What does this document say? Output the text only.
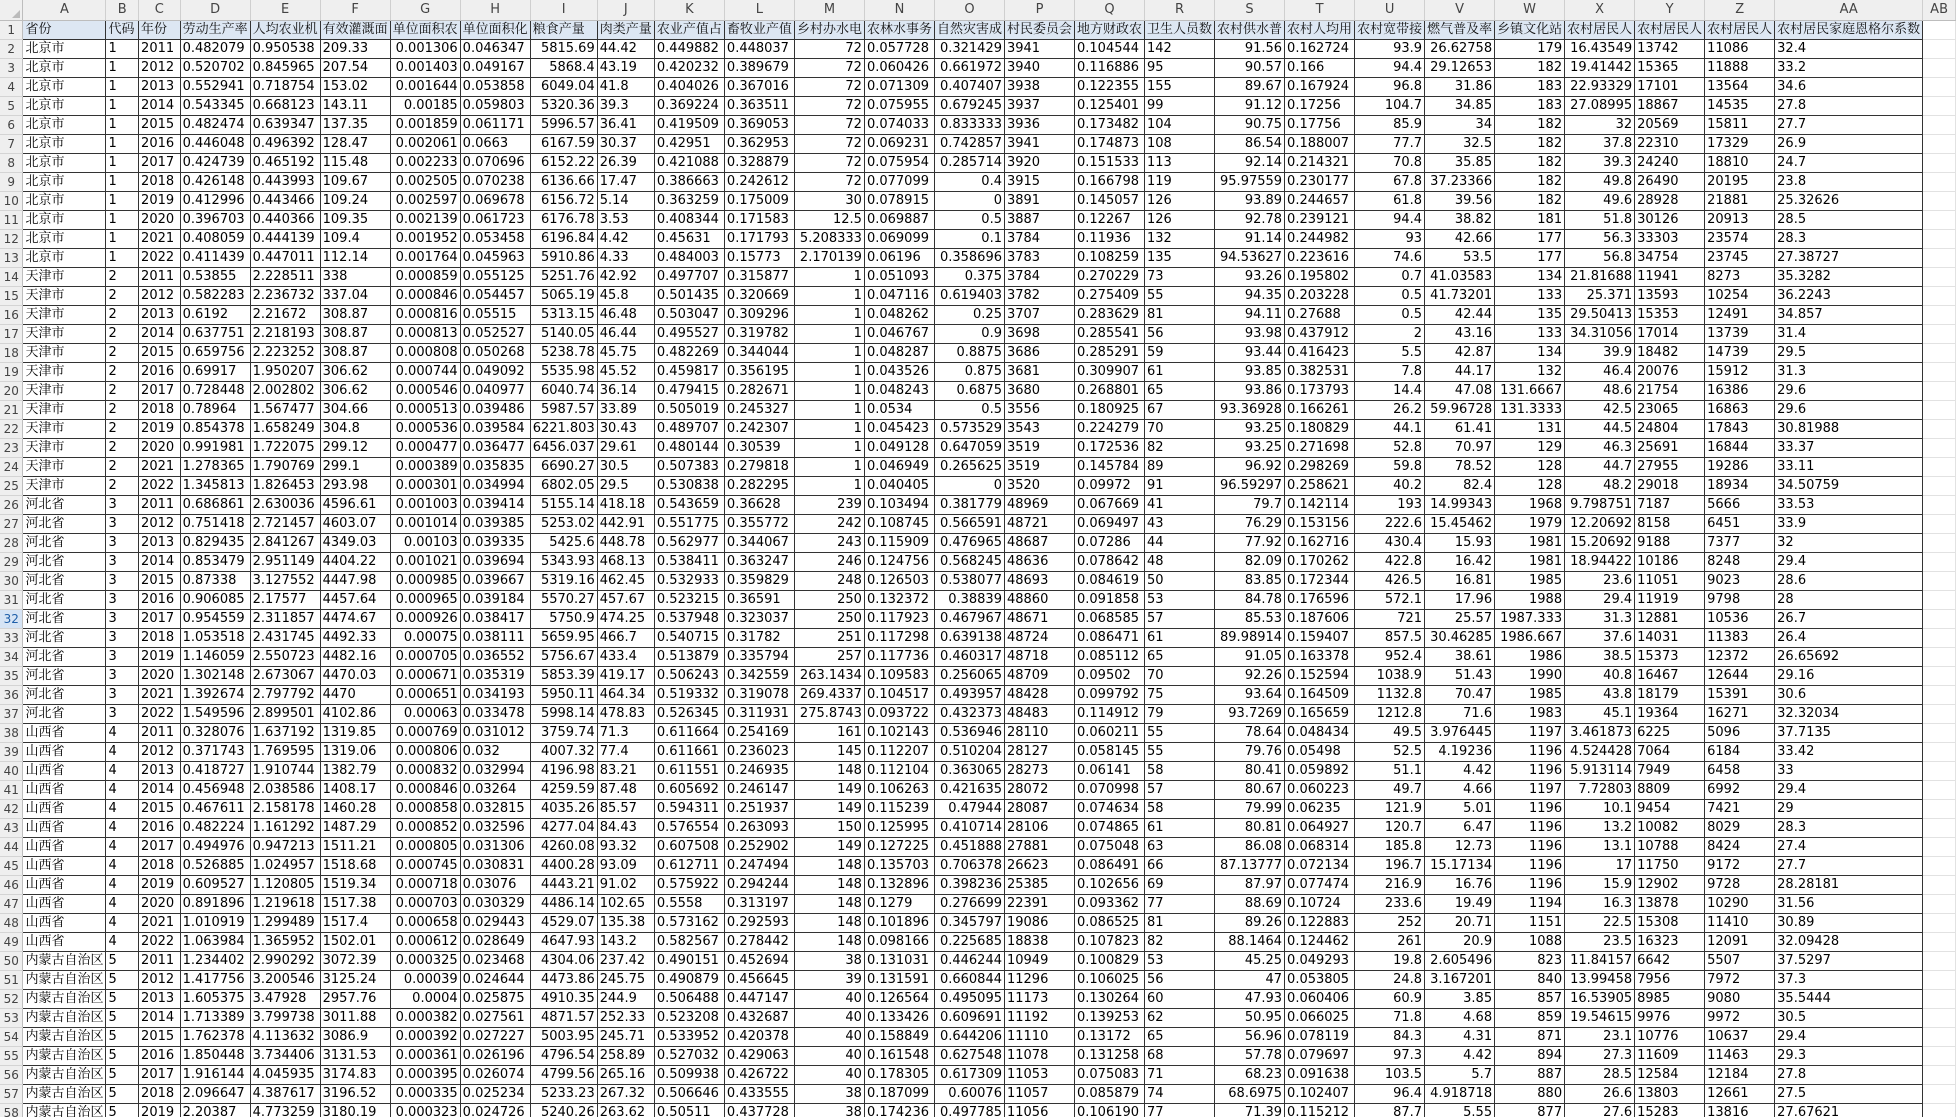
	A	B	C	D	E	F	G	H	I	J	K	L	M	N	O	P	Q	R	S	T	U	V	W	X	Y	Z	AA	AB
1	省份	代码	年份	劳动生产率	人均农业机	有效灌溉面	单位面积农	单位面积化	粮食产量	肉类产量	农业产值占	畜牧业产值	乡村办水电	农林水事务	自然灾害成	村民委员会	地方财政农	卫生人员数	农村供水普	农村人均用	农村宽带接	燃气普及率	乡镇文化站	农村居民人	农村居民人	农村居民人	农村居民家庭恩格尔系数	
2	北京市	1	2011	0.482079	0.950538	209.33	0.001306	0.046347	5815.69	44.42	0.449882	0.448037	72	0.057728	0.321429	3941	0.104544	142	91.56	0.162724	93.9	26.62758	179	16.43549	13742	11086	32.4	
3	北京市	1	2012	0.520702	0.845965	207.54	0.001403	0.049167	5868.4	43.19	0.420232	0.389679	72	0.060426	0.661972	3940	0.116886	95	90.57	0.166	94.4	29.12653	182	19.41442	15365	11888	33.2	
4	北京市	1	2013	0.552941	0.718754	153.02	0.001644	0.053858	6049.04	41.8	0.404026	0.367016	72	0.071309	0.407407	3938	0.122355	155	89.67	0.167924	96.8	31.86	183	22.93329	17101	13564	34.6	
5	北京市	1	2014	0.543345	0.668123	143.11	0.00185	0.059803	5320.36	39.3	0.369224	0.363511	72	0.075955	0.679245	3937	0.125401	99	91.12	0.17256	104.7	34.85	183	27.08995	18867	14535	27.8	
6	北京市	1	2015	0.482474	0.639347	137.35	0.001859	0.061171	5996.57	36.41	0.419509	0.369053	72	0.074033	0.833333	3936	0.173482	104	90.75	0.17756	85.9	34	182	32	20569	15811	27.7	
7	北京市	1	2016	0.446048	0.496392	128.47	0.002061	0.0663	6167.59	30.37	0.42951	0.362953	72	0.069231	0.742857	3941	0.174873	108	86.54	0.188007	77.7	32.5	182	37.8	22310	17329	26.9	
8	北京市	1	2017	0.424739	0.465192	115.48	0.002233	0.070696	6152.22	26.39	0.421088	0.328879	72	0.075954	0.285714	3920	0.151533	113	92.14	0.214321	70.8	35.85	182	39.3	24240	18810	24.7	
9	北京市	1	2018	0.426148	0.443993	109.67	0.002505	0.070238	6136.66	17.47	0.386663	0.242612	72	0.077099	0.4	3915	0.166798	119	95.97559	0.230177	67.8	37.23366	182	49.8	26490	20195	23.8	
10	北京市	1	2019	0.412996	0.443466	109.24	0.002597	0.069678	6156.72	5.14	0.363259	0.175009	30	0.078915	0	3891	0.145057	126	93.89	0.244657	61.8	39.56	182	49.6	28928	21881	25.32626	
11	北京市	1	2020	0.396703	0.440366	109.35	0.002139	0.061723	6176.78	3.53	0.408344	0.171583	12.5	0.069887	0.5	3887	0.12267	126	92.78	0.239121	94.4	38.82	181	51.8	30126	20913	28.5	
12	北京市	1	2021	0.408059	0.444139	109.4	0.001952	0.053458	6196.84	4.42	0.45631	0.171793	5.208333	0.069099	0.1	3784	0.11936	132	91.14	0.244982	93	42.66	177	56.3	33303	23574	28.3	
13	北京市	1	2022	0.411439	0.447011	112.14	0.001764	0.045963	5910.86	4.33	0.484003	0.15773	2.170139	0.06196	0.358696	3783	0.108259	135	94.53627	0.223616	74.6	53.5	177	56.8	34754	23745	27.38727	
14	天津市	2	2011	0.53855	2.228511	338	0.000859	0.055125	5251.76	42.92	0.497707	0.315877	1	0.051093	0.375	3784	0.270229	73	93.26	0.195802	0.7	41.03583	134	21.81688	11941	8273	35.3282	
15	天津市	2	2012	0.582283	2.236732	337.04	0.000846	0.054457	5065.19	45.8	0.501435	0.320669	1	0.047116	0.619403	3782	0.275409	55	94.35	0.203228	0.5	41.73201	133	25.371	13593	10254	36.2243	
16	天津市	2	2013	0.6192	2.21672	308.87	0.000816	0.05515	5313.15	46.48	0.503047	0.309296	1	0.048262	0.25	3707	0.283629	81	94.11	0.27688	0.5	42.44	135	29.50413	15353	12491	34.857	
17	天津市	2	2014	0.637751	2.218193	308.87	0.000813	0.052527	5140.05	46.44	0.495527	0.319782	1	0.046767	0.9	3698	0.285541	56	93.98	0.437912	2	43.16	133	34.31056	17014	13739	31.4	
18	天津市	2	2015	0.659756	2.223252	308.87	0.000808	0.050268	5238.78	45.75	0.482269	0.344044	1	0.048287	0.8875	3686	0.285291	59	93.44	0.416423	5.5	42.87	134	39.9	18482	14739	29.5	
19	天津市	2	2016	0.69917	1.950207	306.62	0.000744	0.049092	5535.98	45.52	0.459817	0.356195	1	0.043526	0.875	3681	0.309907	61	93.85	0.382531	7.8	44.17	132	46.4	20076	15912	31.3	
20	天津市	2	2017	0.728448	2.002802	306.62	0.000546	0.040977	6040.74	36.14	0.479415	0.282671	1	0.048243	0.6875	3680	0.268801	65	93.86	0.173793	14.4	47.08	131.6667	48.6	21754	16386	29.6	
21	天津市	2	2018	0.78964	1.567477	304.66	0.000513	0.039486	5987.57	33.89	0.505019	0.245327	1	0.0534	0.5	3556	0.180925	67	93.36928	0.166261	26.2	59.96728	131.3333	42.5	23065	16863	29.6	
22	天津市	2	2019	0.854378	1.658249	304.8	0.000536	0.039584	6221.803	30.43	0.489707	0.242307	1	0.045423	0.573529	3543	0.224279	70	93.25	0.180829	44.1	61.41	131	44.5	24804	17843	30.81988	
23	天津市	2	2020	0.991981	1.722075	299.12	0.000477	0.036477	6456.037	29.61	0.480144	0.30539	1	0.049128	0.647059	3519	0.172536	82	93.25	0.271698	52.8	70.97	129	46.3	25691	16844	33.37	
24	天津市	2	2021	1.278365	1.790769	299.1	0.000389	0.035835	6690.27	30.5	0.507383	0.279818	1	0.046949	0.265625	3519	0.145784	89	96.92	0.298269	59.8	78.52	128	44.7	27955	19286	33.11	
25	天津市	2	2022	1.345813	1.826453	293.98	0.000301	0.034994	6802.05	29.5	0.530838	0.282295	1	0.040405	0	3520	0.09972	91	96.59297	0.258621	40.2	82.4	128	48.2	29018	18934	34.50759	
26	河北省	3	2011	0.686861	2.630036	4596.61	0.001003	0.039414	5155.14	418.18	0.543659	0.36628	239	0.103494	0.381779	48969	0.067669	41	79.7	0.142114	193	14.99343	1968	9.798751	7187	5666	33.53	
27	河北省	3	2012	0.751418	2.721457	4603.07	0.001014	0.039385	5253.02	442.91	0.551775	0.355772	242	0.108745	0.566591	48721	0.069497	43	76.29	0.153156	222.6	15.45462	1979	12.20692	8158	6451	33.9	
28	河北省	3	2013	0.829435	2.841267	4349.03	0.00103	0.039335	5425.6	448.78	0.562977	0.344067	243	0.115909	0.476965	48687	0.07286	44	77.92	0.162716	430.4	15.93	1981	15.20692	9188	7377	32	
29	河北省	3	2014	0.853479	2.951149	4404.22	0.001021	0.039694	5343.93	468.13	0.538411	0.363247	246	0.124756	0.568245	48636	0.078642	48	82.09	0.170262	422.8	16.42	1981	18.94422	10186	8248	29.4	
30	河北省	3	2015	0.87338	3.127552	4447.98	0.000985	0.039667	5319.16	462.45	0.532933	0.359829	248	0.126503	0.538077	48693	0.084619	50	83.85	0.172344	426.5	16.81	1985	23.6	11051	9023	28.6	
31	河北省	3	2016	0.906085	2.17577	4457.64	0.000965	0.039184	5570.27	457.67	0.523215	0.36591	250	0.132372	0.38839	48860	0.091858	53	84.78	0.176596	572.1	17.96	1988	29.4	11919	9798	28	
32	河北省	3	2017	0.954559	2.311857	4474.67	0.000926	0.038417	5750.9	474.25	0.537948	0.323037	250	0.117923	0.467967	48671	0.068585	57	85.53	0.187606	721	25.57	1987.333	31.3	12881	10536	26.7	
33	河北省	3	2018	1.053518	2.431745	4492.33	0.00075	0.038111	5659.95	466.7	0.540715	0.31782	251	0.117298	0.639138	48724	0.086471	61	89.98914	0.159407	857.5	30.46285	1986.667	37.6	14031	11383	26.4	
34	河北省	3	2019	1.146059	2.550723	4482.16	0.000705	0.036552	5756.67	433.4	0.513879	0.335794	257	0.117736	0.460317	48718	0.085112	65	91.05	0.163378	952.4	38.61	1986	38.5	15373	12372	26.65692	
35	河北省	3	2020	1.302148	2.673067	4470.03	0.000671	0.035319	5853.39	419.17	0.506243	0.342559	263.1434	0.109583	0.256065	48709	0.09502	70	92.26	0.152594	1038.9	51.43	1990	40.8	16467	12644	29.16	
36	河北省	3	2021	1.392674	2.797792	4470	0.000651	0.034193	5950.11	464.34	0.519332	0.319078	269.4337	0.104517	0.493957	48428	0.099792	75	93.64	0.164509	1132.8	70.47	1985	43.8	18179	15391	30.6	
37	河北省	3	2022	1.549596	2.899501	4102.86	0.00063	0.033478	5998.14	478.83	0.526345	0.311931	275.8743	0.093722	0.432373	48483	0.114912	79	93.7269	0.165659	1212.8	71.6	1983	45.1	19364	16271	32.32034	
38	山西省	4	2011	0.328076	1.637192	1319.85	0.000769	0.031012	3759.74	71.3	0.611664	0.254169	161	0.102143	0.536946	28110	0.060211	55	78.64	0.048434	49.5	3.976445	1197	3.461873	6225	5096	37.7135	
39	山西省	4	2012	0.371743	1.769595	1319.06	0.000806	0.032	4007.32	77.4	0.611661	0.236023	145	0.112207	0.510204	28127	0.058145	55	79.76	0.05498	52.5	4.19236	1196	4.524428	7064	6184	33.42	
40	山西省	4	2013	0.418727	1.910744	1382.79	0.000832	0.032994	4196.98	83.21	0.611551	0.246935	148	0.112104	0.363065	28273	0.06141	58	80.41	0.059892	51.1	4.42	1196	5.913114	7949	6458	33	
41	山西省	4	2014	0.456948	2.038586	1408.17	0.000846	0.03264	4259.59	87.48	0.605692	0.246147	149	0.106263	0.421635	28072	0.070998	57	80.67	0.060223	49.7	4.66	1197	7.72803	8809	6992	29.4	
42	山西省	4	2015	0.467611	2.158178	1460.28	0.000858	0.032815	4035.26	85.57	0.594311	0.251937	149	0.115239	0.47944	28087	0.074634	58	79.99	0.06235	121.9	5.01	1196	10.1	9454	7421	29	
43	山西省	4	2016	0.482224	1.161292	1487.29	0.000852	0.032596	4277.04	84.43	0.576554	0.263093	150	0.125995	0.410714	28106	0.074865	61	80.81	0.064927	120.7	6.47	1196	13.2	10082	8029	28.3	
44	山西省	4	2017	0.494976	0.947213	1511.21	0.000805	0.031306	4260.08	93.32	0.607508	0.252902	149	0.127225	0.451888	27881	0.075048	63	86.08	0.068314	185.8	12.73	1196	13.1	10788	8424	27.4	
45	山西省	4	2018	0.526885	1.024957	1518.68	0.000745	0.030831	4400.28	93.09	0.612711	0.247494	148	0.135703	0.706378	26623	0.086491	66	87.13777	0.072134	196.7	15.17134	1196	17	11750	9172	27.7	
46	山西省	4	2019	0.609527	1.120805	1519.34	0.000718	0.03076	4443.21	91.02	0.575922	0.294244	148	0.132896	0.398236	25385	0.102656	69	87.97	0.077474	216.9	16.76	1196	15.9	12902	9728	28.28181	
47	山西省	4	2020	0.891896	1.219618	1517.38	0.000703	0.030329	4486.14	102.65	0.5558	0.313197	148	0.1279	0.276699	22391	0.093362	77	88.69	0.10724	233.6	19.49	1194	16.3	13878	10290	31.56	
48	山西省	4	2021	1.010919	1.299489	1517.4	0.000658	0.029443	4529.07	135.38	0.573162	0.292593	148	0.101896	0.345797	19086	0.086525	81	89.26	0.122883	252	20.71	1151	22.5	15308	11410	30.89	
49	山西省	4	2022	1.063984	1.365952	1502.01	0.000612	0.028649	4647.93	143.2	0.582567	0.278442	148	0.098166	0.225685	18838	0.107823	82	88.1464	0.124462	261	20.9	1088	23.5	16323	12091	32.09428	
50	内蒙古自治区	5	2011	1.234402	2.990292	3072.39	0.000325	0.023468	4304.06	237.42	0.490151	0.452694	38	0.131031	0.446244	10949	0.100829	53	45.25	0.049293	19.8	2.605496	823	11.84157	6642	5507	37.5297	
51	内蒙古自治区	5	2012	1.417756	3.200546	3125.24	0.00039	0.024644	4473.86	245.75	0.490879	0.456645	39	0.131591	0.660844	11296	0.106025	56	47	0.053805	24.8	3.167201	840	13.99458	7956	7972	37.3	
52	内蒙古自治区	5	2013	1.605375	3.47928	2957.76	0.0004	0.025875	4910.35	244.9	0.506488	0.447147	40	0.126564	0.495095	11173	0.130264	60	47.93	0.060406	60.9	3.85	857	16.53905	8985	9080	35.5444	
53	内蒙古自治区	5	2014	1.713389	3.799738	3011.88	0.000382	0.027561	4871.57	252.33	0.523208	0.432687	40	0.133426	0.609691	11192	0.139253	62	50.95	0.066025	71.8	4.68	859	19.54615	9976	9972	30.5	
54	内蒙古自治区	5	2015	1.762378	4.113632	3086.9	0.000392	0.027227	5003.95	245.71	0.533952	0.420378	40	0.158849	0.644206	11110	0.13172	65	56.96	0.078119	84.3	4.31	871	23.1	10776	10637	29.4	
55	内蒙古自治区	5	2016	1.850448	3.734406	3131.53	0.000361	0.026196	4796.54	258.89	0.527032	0.429063	40	0.161548	0.627548	11078	0.131258	68	57.78	0.079697	97.3	4.42	894	27.3	11609	11463	29.3	
56	内蒙古自治区	5	2017	1.916144	4.045935	3174.83	0.000395	0.026074	4799.56	265.16	0.509938	0.426722	40	0.178305	0.617309	11053	0.075083	71	68.23	0.091638	103.5	5.7	887	28.5	12584	12184	27.8	
57	内蒙古自治区	5	2018	2.096647	4.387617	3196.52	0.000335	0.025234	5233.23	267.32	0.506646	0.433555	38	0.187099	0.60076	11057	0.085879	74	68.6975	0.102407	96.4	4.918718	880	26.6	13803	12661	27.5	
58	内蒙古自治区	5	2019	2.20387	4.773259	3180.19	0.000323	0.024726	5240.26	263.62	0.50511	0.437728	38	0.174236	0.497785	11056	0.106190	77	71.39	0.115212	87.7	5.55	877	27.6	15283	13816	27.67621	
